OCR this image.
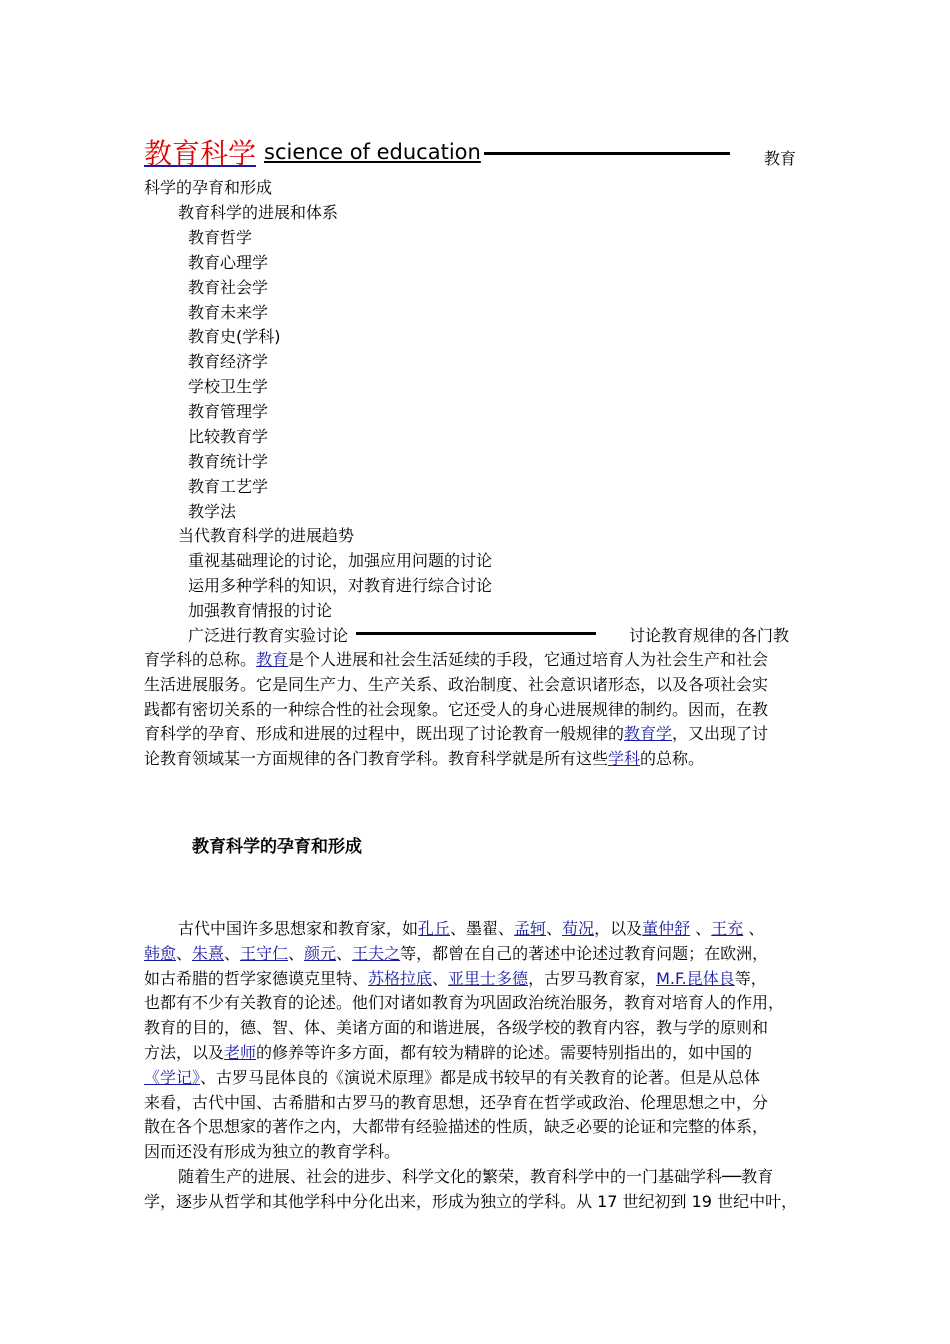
教育科学 science of education	教育
科学的孕育和形成
教育科学的进展和体系
教育哲学
教育心理学
教育社会学
教育未来学
教育史(学科)
教育经济学
学校卫生学
教育管理学
比较教育学
教育统计学
教育工艺学
教学法
当代教育科学的进展趋势
重视基础理论的讨论，加强应用问题的讨论
运用多种学科的知识，对教育进行综合讨论
加强教育情报的讨论
广泛进行教育实验讨论	讨论教育规律的各门教
育学科的总称。教育是个人进展和社会生活延续的手段，它通过培育人为社会生产和社会
生活进展服务。它是同生产力、生产关系、政治制度、社会意识诸形态，以及各项社会实
践都有密切关系的一种综合性的社会现象。它还受人的身心进展规律的制约。因而，在教
育科学的孕育、形成和进展的过程中，既出现了讨论教育一般规律的教育学，又出现了讨
论教育领域某一方面规律的各门教育学科。教育科学就是所有这些学科的总称。
教育科学的孕育和形成
古代中国许多思想家和教育家，如孔丘、墨翟、孟轲、荀况，以及董仲舒 、王充 、
韩愈、朱熹、王守仁、颜元、王夫之等，都曾在自己的著述中论述过教育问题；在欧洲，
如古希腊的哲学家德谟克里特、苏格拉底、亚里士多德，古罗马教育家，M.F.昆体良等，
也都有不少有关教育的论述。他们对诸如教育为巩固政治统治服务，教育对培育人的作用，
教育的目的，德、智、体、美诸方面的和谐进展，各级学校的教育内容，教与学的原则和
方法，以及老师的修养等许多方面，都有较为精辟的论述。需要特别指出的，如中国的
《学记》、古罗马昆体良的《演说术原理》都是成书较早的有关教育的论著。但是从总体
来看，古代中国、古希腊和古罗马的教育思想，还孕育在哲学或政治、伦理思想之中，分
散在各个思想家的著作之内，大都带有经验描述的性质，缺乏必要的论证和完整的体系，
因而还没有形成为独立的教育学科。
随着生产的进展、社会的进步、科学文化的繁荣，教育科学中的一门基础学科──教育
学，逐步从哲学和其他学科中分化出来，形成为独立的学科。从 17 世纪初到 19 世纪中叶，
